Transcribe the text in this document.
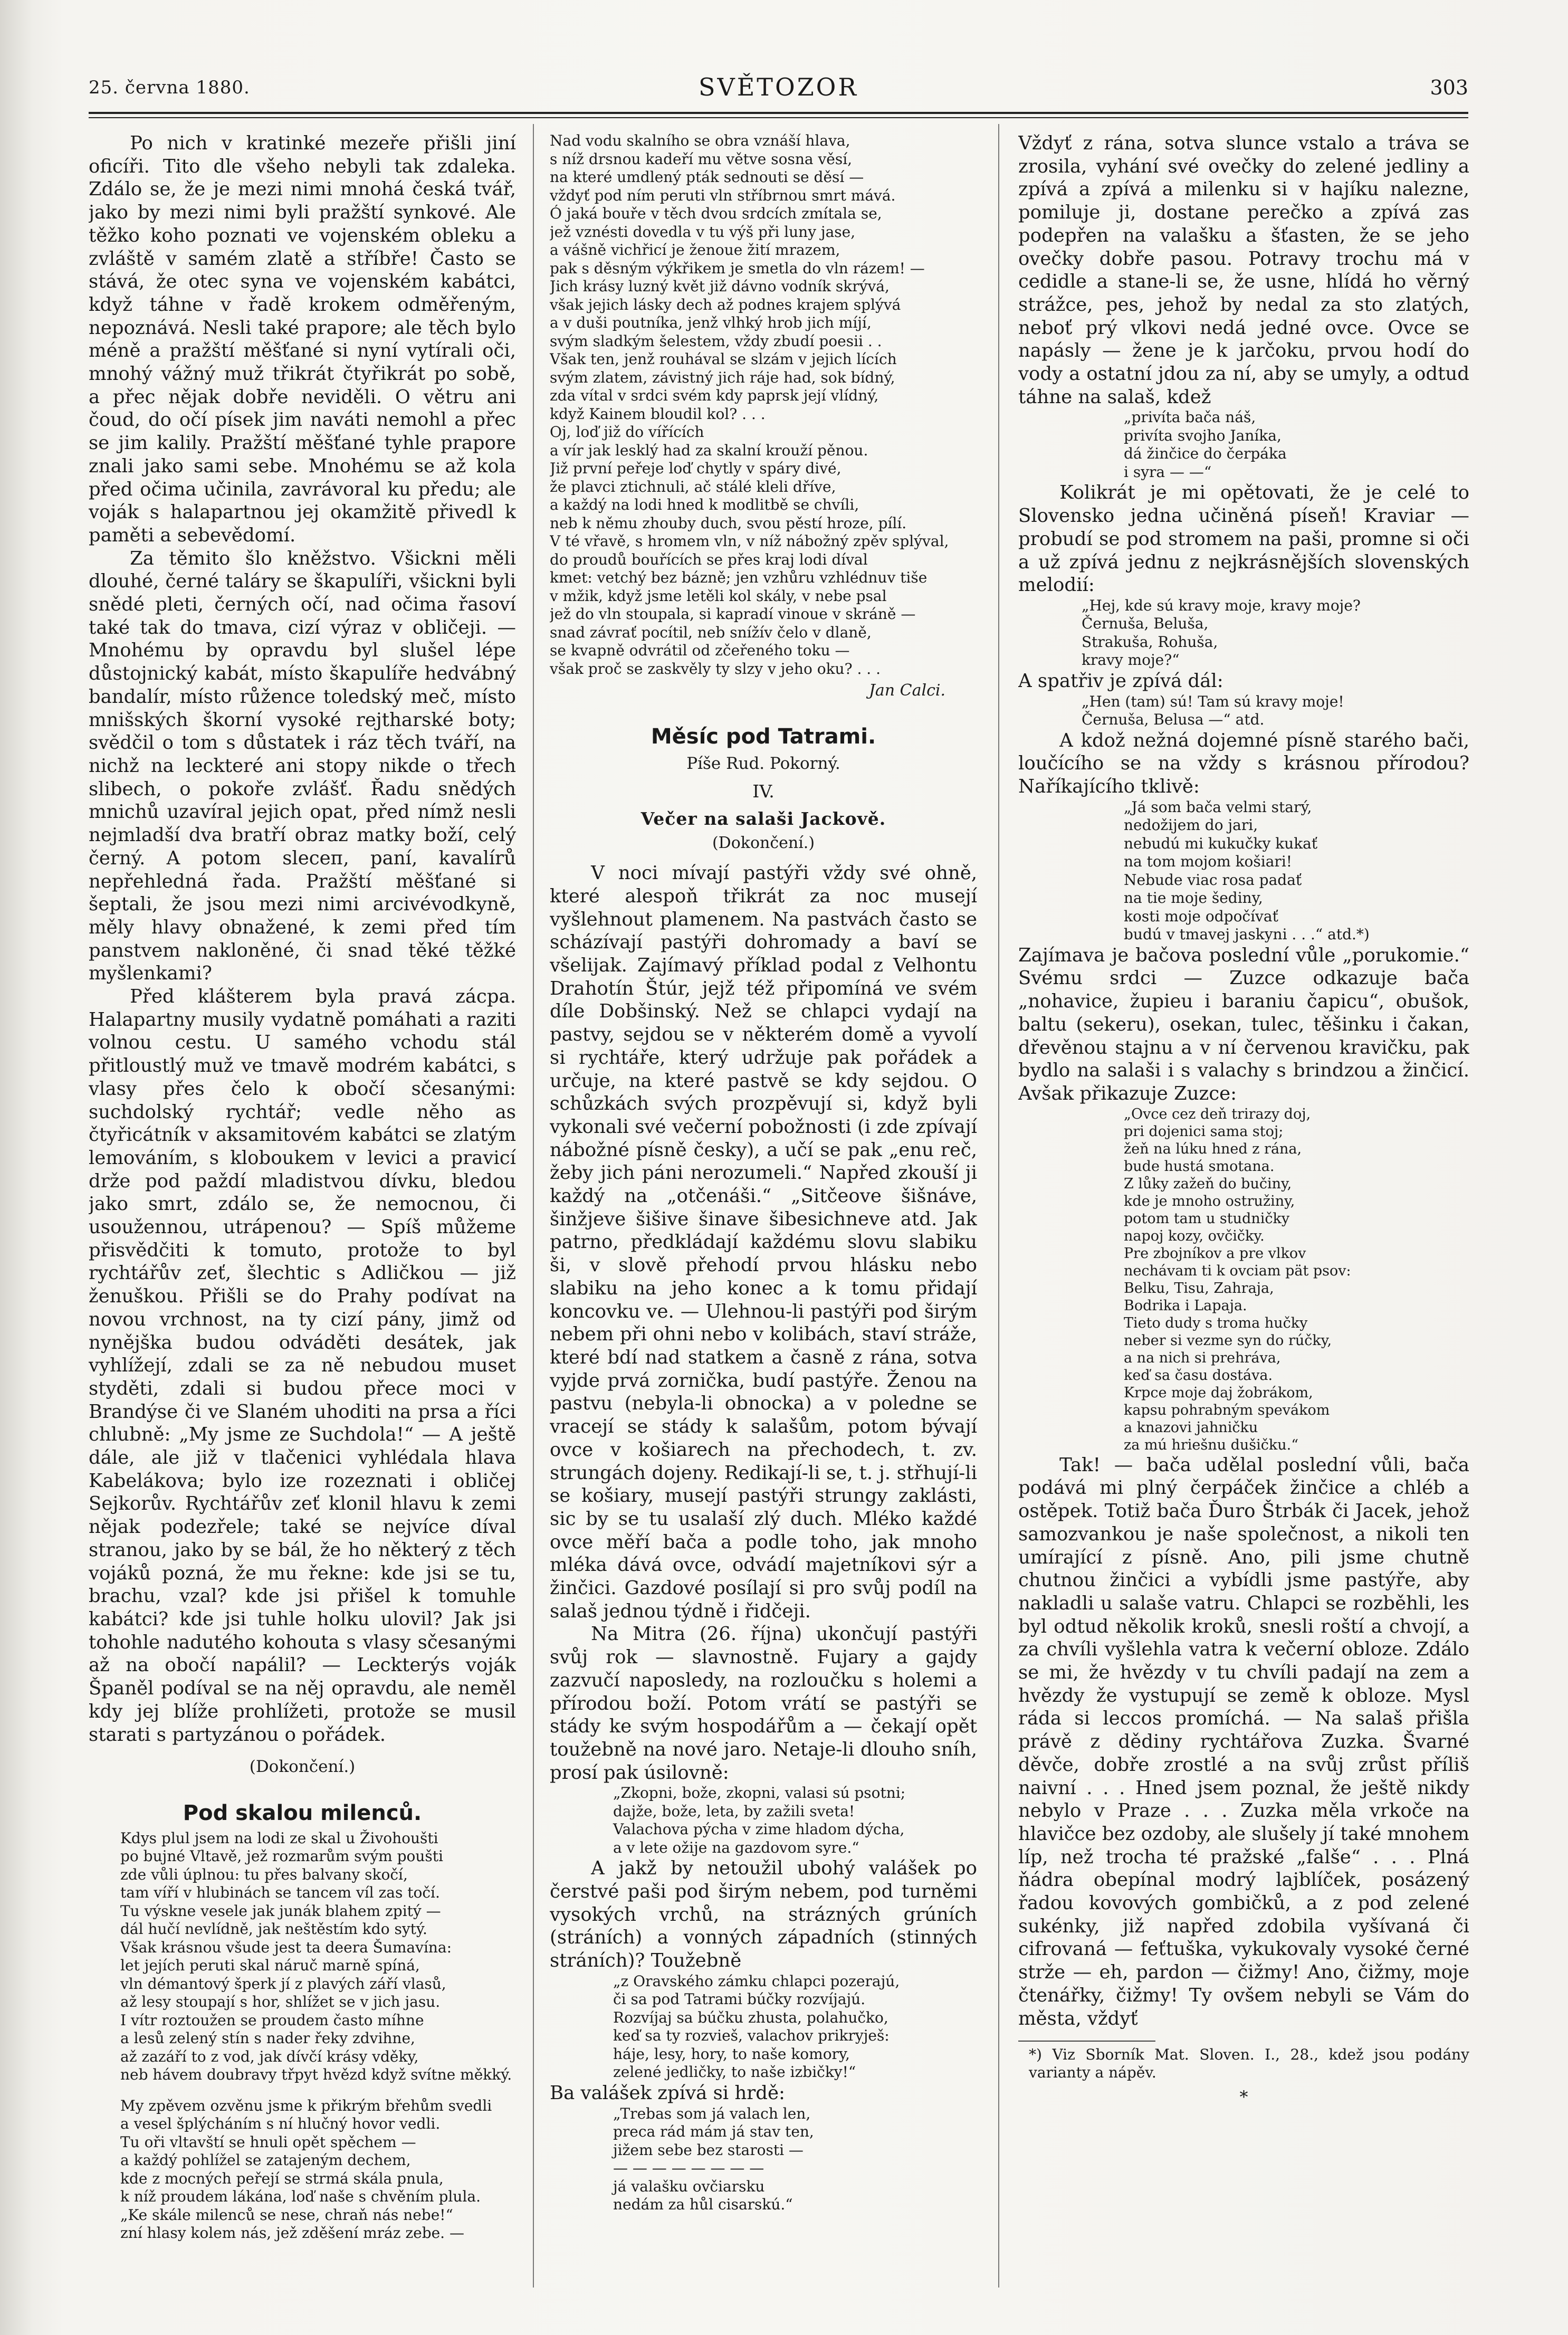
SVĚTOZOR
25. června 1880.	303

Po nich v kratinké mezeře přišli jiní oficíři. Tito dle všeho nebyli tak zdaleka. Zdálo se, že je mezi nimi mnohá česká tvář, jako by mezi nimi byli pražští synkové. Ale těžko koho poznati ve vojenském obleku a zvláště v samém zlatě a stříbře! Často se stává, že otec syna ve vojenském kabátci, když táhne v řadě krokem odměřeným, nepoznává. Nesli také prapore; ale těch bylo méně a pražští měšťané si nyní vytírali oči, mnohý vážný muž třikrát čtyřikrát po sobě, a přec nějak dobře neviděli. O větru ani čoud, do očí písek jim naváti nemohl a přec se jim kalily. Pražští měšťané tyhle prapore znali jako sami sebe. Mnohému se až kola před očima učinila, zavrávoral ku předu; ale voják s halapartnou jej okamžitě přivedl k paměti a sebevědomí.

Za těmito šlo kněžstvo. Všickni měli dlouhé, černé taláry se škapulíři, všickni byli snědé pleti, černých očí, nad očima řasoví také tak do tmava, cizí výraz v obličeji. — Mnohému by opravdu byl slušel lépe důstojnický kabát, místo škapulíře hedvábný bandalír, místo růžence toledský meč, místo mnišských škorní vysoké rejtharské boty; svědčil o tom s důstatek i ráz těch tváří, na nichž na leckteré ani stopy nikde o třech slibech, o pokoře zvlášť. Řadu snědých mnichů uzavíral jejich opat, před nímž nesli nejmladší dva bratří obraz matky boží, celý černý. A potom sleceп, paní, kavalírů nepřehledná řada. Pražští měšťané si šeptali, že jsou mezi nimi arcivévodkyně, měly hlavy obnažené, k zemi před tím panstvem nakloněné, či snad těké těžké myšlenkami?

Před klášterem byla pravá zácpa. Halapartny musily vydatně pomáhati a raziti volnou cestu. U samého vchodu stál přitloustlý muž ve tmavě modrém kabátci, s vlasy přes čelo k obočí sčesanými: suchdolský rychtář; vedle něho as čtyřicátník v aksamitovém kabátci se zlatým lemováním, s kloboukem v levici a pravicí drže pod paždí mladistvou dívku, bledou jako smrt, zdálo se, že nemocnou, či usoužennou, utrápenou? — Spíš můžeme přisvědčiti k tomuto, protože to byl rychtářův zeť, šlechtic s Adličkou — již ženuškou. Přišli se do Prahy podívat na novou vrchnost, na ty cizí pány, jimž od nynějška budou odváděti desátek, jak vyhlížejí, zdali se za ně nebudou muset styděti, zdali si budou přece moci v Brandýse či ve Slaném uhoditi na prsa a říci chlubně: „My jsme ze Suchdola!“ — A ještě dále, ale již v tlačenici vyhlédala hlava Kabelákova; bylo ize rozeznati i obličej Sejkorův. Rychtářův zeť klonil hlavu k zemi nějak podezřele; také se nejvíce díval stranou, jako by se bál, že ho některý z těch vojáků pozná, že mu řekne: kde jsi se tu, brachu, vzal? kde jsi přišel k tomuhle kabátci? kde jsi tuhle holku ulovil? Jak jsi tohohle nadutého kohouta s vlasy sčesanými až na obočí napálil? — Leckterýs voják Španěl podíval se na něj opravdu, ale neměl kdy jej blíže prohlížeti, protože se musil starati s partyzánou o pořádek.

(Dokončení.)
Pod skalou milenců.
Kdys plul jsem na lodi ze skal u Živohoušti
po bujné Vltavě, jež rozmarům svým poušti
zde vůli úplnou: tu přes balvany skočí,
tam víří v hlubinách se tancem víl zas točí.
Tu výskne vesele jak junák blahem zpitý —
dál hučí nevlídně, jak neštěstím kdo sytý.
Však krásnou všude jest ta deera Šumavína:
let jejích peruti skal náruč marně spíná,
vln démantový šperk jí z plavých září vlasů,
až lesy stoupají s hor, shlížet se v jich jasu.
I vítr roztoužen se proudem často míhne
a lesů zelený stín s nader řeky zdvihne,
až zazáří to z vod, jak dívčí krásy vděky,
neb hávem doubravy třpyt hvězd když svítne měkký.
My zpěvem ozvěnu jsme k přikrým břehům svedli
a vesel šplýcháním s ní hlučný hovor vedli.
Tu oři vltavští se hnuli opět spěchem —
a každý pohlížel se zatajeným dechem,
kde z mocných peřejí se strmá skála pnula,
k níž proudem lákána, loď naše s chvěním plula.
„Ke skále milenců se nese, chraň nás nebe!“
zní hlasy kolem nás, jež zděšení mráz zebe. —
Nad vodu skalního se obra vznáší hlava,
s níž drsnou kadeří mu větve sosna věsí,
na které umdlený pták sednouti se děsí —
vždyť pod ním peruti vln stříbrnou smrt mává.
Ó jaká bouře v těch dvou srdcích zmítala se,
jež vznésti dovedla v tu výš při luny jase,
a vášně vichřicí je ženoue žití mrazem,
pak s děsným výkřikem je smetla do vln rázem! —
Jich krásy luzný květ již dávno vodník skrývá,
však jejich lásky dech až podnes krajem splývá
a v duši poutníka, jenž vlhký hrob jich míjí,
svým sladkým šelestem, vždy zbudí poesii . .
Však ten, jenž rouhával se slzám v jejich lících
svým zlatem, závistný jich ráje had, sok bídný,
zda vítal v srdci svém kdy paprsk její vlídný,
když Kainem bloudil kol? . . .
Oj, loď již do vířících
a vír jak lesklý had za skalní krouží pěnou.
Již první peřeje loď chytly v spáry divé,
že plavci ztichnuli, ač stálé kleli dříve,
a každý na lodi hned k modlitbě se chvíli,
neb k němu zhouby duch, svou pěstí hroze, pílí.
V té vřavě, s hromem vln, v níž nábožný zpěv splýval,
do proudů bouřících se přes kraj lodi díval
kmet: vetchý bez bázně; jen vzhůru vzhlédnuv tiše
v mžik, když jsme letěli kol skály, v nebe psal
jež do vln stoupala, si kapradí vinoue v skráně —
snad závrať pocítil, neb snížív čelo v dlaně,
se kvapně odvrátil od zčeřeného toku —
však proč se zaskvěly ty slzy v jeho oku? . . .
Jan Calci.
Měsíc pod Tatrami.
Píše Rud. Pokorný.
IV.
Večer na salaši Jackově.
(Dokončení.)

V noci mívají pastýři vždy své ohně, které alespoň třikrát za noc musejí vyšlehnout plamenem. Na pastvách často se scházívají pastýři dohromady a baví se všelijak. Zajímavý příklad podal z Velhontu Drahotín Štúr, jejž též připomíná ve svém díle Dobšinský. Než se chlapci vydají na pastvy, sejdou se v některém domě a vyvolí si rychtáře, který udržuje pak pořádek a určuje, na které pastvě se kdy sejdou. O schůzkách svých prozpěvují si, když byli vykonali své večerní pobožnosti (i zde zpívají nábožné písně česky), a učí se pak „enu reč, žeby jich páni nerozumeli.“ Napřed zkouší ji každý na „otčenáši.“ „Sitčeove šišnáve, šinžjeve šišive šinave šibesichneve atd. Jak patrno, předkládají každému slovu slabiku ši, v slově přehodí prvou hlásku nebo slabiku na jeho konec a k tomu přidají koncovku ve. — Ulehnou-li pastýři pod širým nebem při ohni nebo v kolibách, staví stráže, které bdí nad statkem a časně z rána, sotva vyjde prvá zornička, budí pastýře. Ženou na pastvu (nebyla-li obnocka) a v poledne se vracejí se stády k salašům, potom bývají ovce v košiarech na přechodech, t. zv. strungách dojeny. Redikají-li se, t. j. střhují-li se košiary, musejí pastýři strungy zaklásti, sic by se tu usalaší zlý duch. Mléko každé ovce měří bača a podle toho, jak mnoho mléka dává ovce, odvádí majetníkovi sýr a žinčici. Gazdové posílají si pro svůj podíl na salaš jednou týdně i řidčeji.

Na Mitra (26. října) ukončují pastýři svůj rok — slavnostně. Fujary a gajdy zazvučí naposledy, na rozloučku s holemi a přírodou boží. Potom vrátí se pastýři se stády ke svým hospodářům a — čekají opět toužebně na nové jaro. Netaje-li dlouho sníh, prosí pak úsilovně:

„Zkopni, bože, zkopni, valasi sú psotni;
dajže, bože, leta, by zažili sveta!
Valachova pýcha v zime hladom dýcha,
a v lete ožije na gazdovom syre.“

A jakž by netoužil ubohý valášek po čerstvé paši pod širým nebem, pod turněmi vysokých vrchů, na strázných grúních (stráních) a vonných západních (stinných stráních)? Toužebně

„z Oravského zámku chlapci pozerajú,
či sa pod Tatrami búčky rozvíjajú.
Rozvíjaj sa búčku zhusta, polahučko,
keď sa ty rozvieš, valachov prikryješ:
háje, lesy, hory, to naše komory,
zelené jedličky, to naše izbičky!“

Ba valášek zpívá si hrdě:

„Trebas som já valach len,
preca rád mám já stav ten,
jižem sebe bez starosti —
— — — — — — — —
já valašku ovčiarsku
nedám za hůl cisarskú.“

Vždyť z rána, sotva slunce vstalo a tráva se zrosila, vyhání své ovečky do zelené jedliny a zpívá a zpívá a milenku si v hajíku nalezne, pomiluje ji, dostane perečko a zpívá zas podepřen na valašku a šťasten, že se jeho ovečky dobře pasou. Potravy trochu má v cedidle a stane-li se, že usne, hlídá ho věrný strážce, pes, jehož by nedal za sto zlatých, neboť prý vlkovi nedá jedné ovce. Ovce se napásly — žene je k jarčoku, prvou hodí do vody a ostatní jdou za ní, aby se umyly, a odtud táhne na salaš, kdež

„privíta bača náš,
privíta svojho Janíka,
dá žinčice do čerpáka
i syra — —“

Kolikrát je mi opětovati, že je celé to Slovensko jedna učiněná píseň! Kraviar — probudí se pod stromem na paši, promne si oči a už zpívá jednu z nejkrásnějších slovenských melodií:

„Hej, kde sú kravy moje, kravy moje?
Černuša, Beluša,
Strakuša, Rohuša,
kravy moje?“

A spatřiv je zpívá dál:

„Hen (tam) sú! Tam sú kravy moje!
Černuša, Belusa —“ atd.

A kdož nežná dojemné písně starého bači, loučícího se na vždy s krásnou přírodou? Naříkajícího tklivě:

„Já som bača velmi starý,
nedožijem do jari,
nebudú mi kukučky kukať
na tom mojom košiari!
Nebude viac rosa padať
na tie moje šediny,
kosti moje odpočívať
budú v tmavej jaskyni . . .“ atd.*)

Zajímava je bačova poslední vůle „porukomie.“ Svému srdci — Zuzce odkazuje bača „nohavice, župieu i baraniu čapicu“, obušok, baltu (sekeru), osekan, tulec, těšinku i čakan, dřevěnou stajnu a v ní červenou kravičku, pak bydlo na salaši i s valachy s brindzou a žinčicí. Avšak přikazuje Zuzce:

„Ovce cez deň trirazy doj,
pri dojenici sama stoj;
žeň na lúku hned z rána,
bude hustá smotana.
Z lůky zažeň do bučiny,
kde je mnoho ostružiny,
potom tam u studničky
napoj kozy, ovčičky.
Pre zbojníkov a pre vlkov
nechávam ti k ovciam pät psov:
Belku, Tisu, Zahraja,
Bodrika i Lapaja.
Tieto dudy s troma hučky
neber si vezme syn do rúčky,
a na nich si prehráva,
keď sa času dostáva.
Krpce moje daj žobrákom,
kapsu pohrabným spevákom
a knazovi jahničku
za mú hriešnu dušičku.“

Tak! — bača udělal poslední vůli, bača podává mi plný čerpáček žinčice a chléb a ostěpek. Totiž bača Ďuro Štrbák či Jacek, jehož samozvankou je naše společnost, a nikoli ten umírající z písně. Ano, pili jsme chutně chutnou žinčici a vybídli jsme pastýře, aby nakladli u salaše vatru. Chlapci se rozběhli, les byl odtud několik kroků, snesli roští a chvojí, a za chvíli vyšlehla vatra k večerní obloze. Zdálo se mi, že hvězdy v tu chvíli padají na zem a hvězdy že vystupují se země k obloze. Mysl ráda si leccos promíchá. — Na salaš přišla právě z dědiny rychtářova Zuzka. Švarné děvče, dobře zrostlé a na svůj zrůst příliš naivní . . . Hned jsem poznal, že ještě nikdy nebylo v Praze . . . Zuzka měla vrkoče na hlavičce bez ozdoby, ale slušely jí také mnohem líp, než trocha té pražské „falše“ . . . Plná ňádra obepínal modrý lajblíček, posázený řadou kovových gombičků, a z pod zelené sukénky, již napřed zdobila vyšívaná či cifrovaná — feťtuška, vykukovaly vysoké černé strže — eh, pardon — čižmy! Ano, čižmy, moje čtenářky, čižmy! Ty ovšem nebyli se Vám do města, vždyť

*) Viz Sborník Mat. Sloven. I., 28., kdež jsou podány varianty a nápěv.
*
